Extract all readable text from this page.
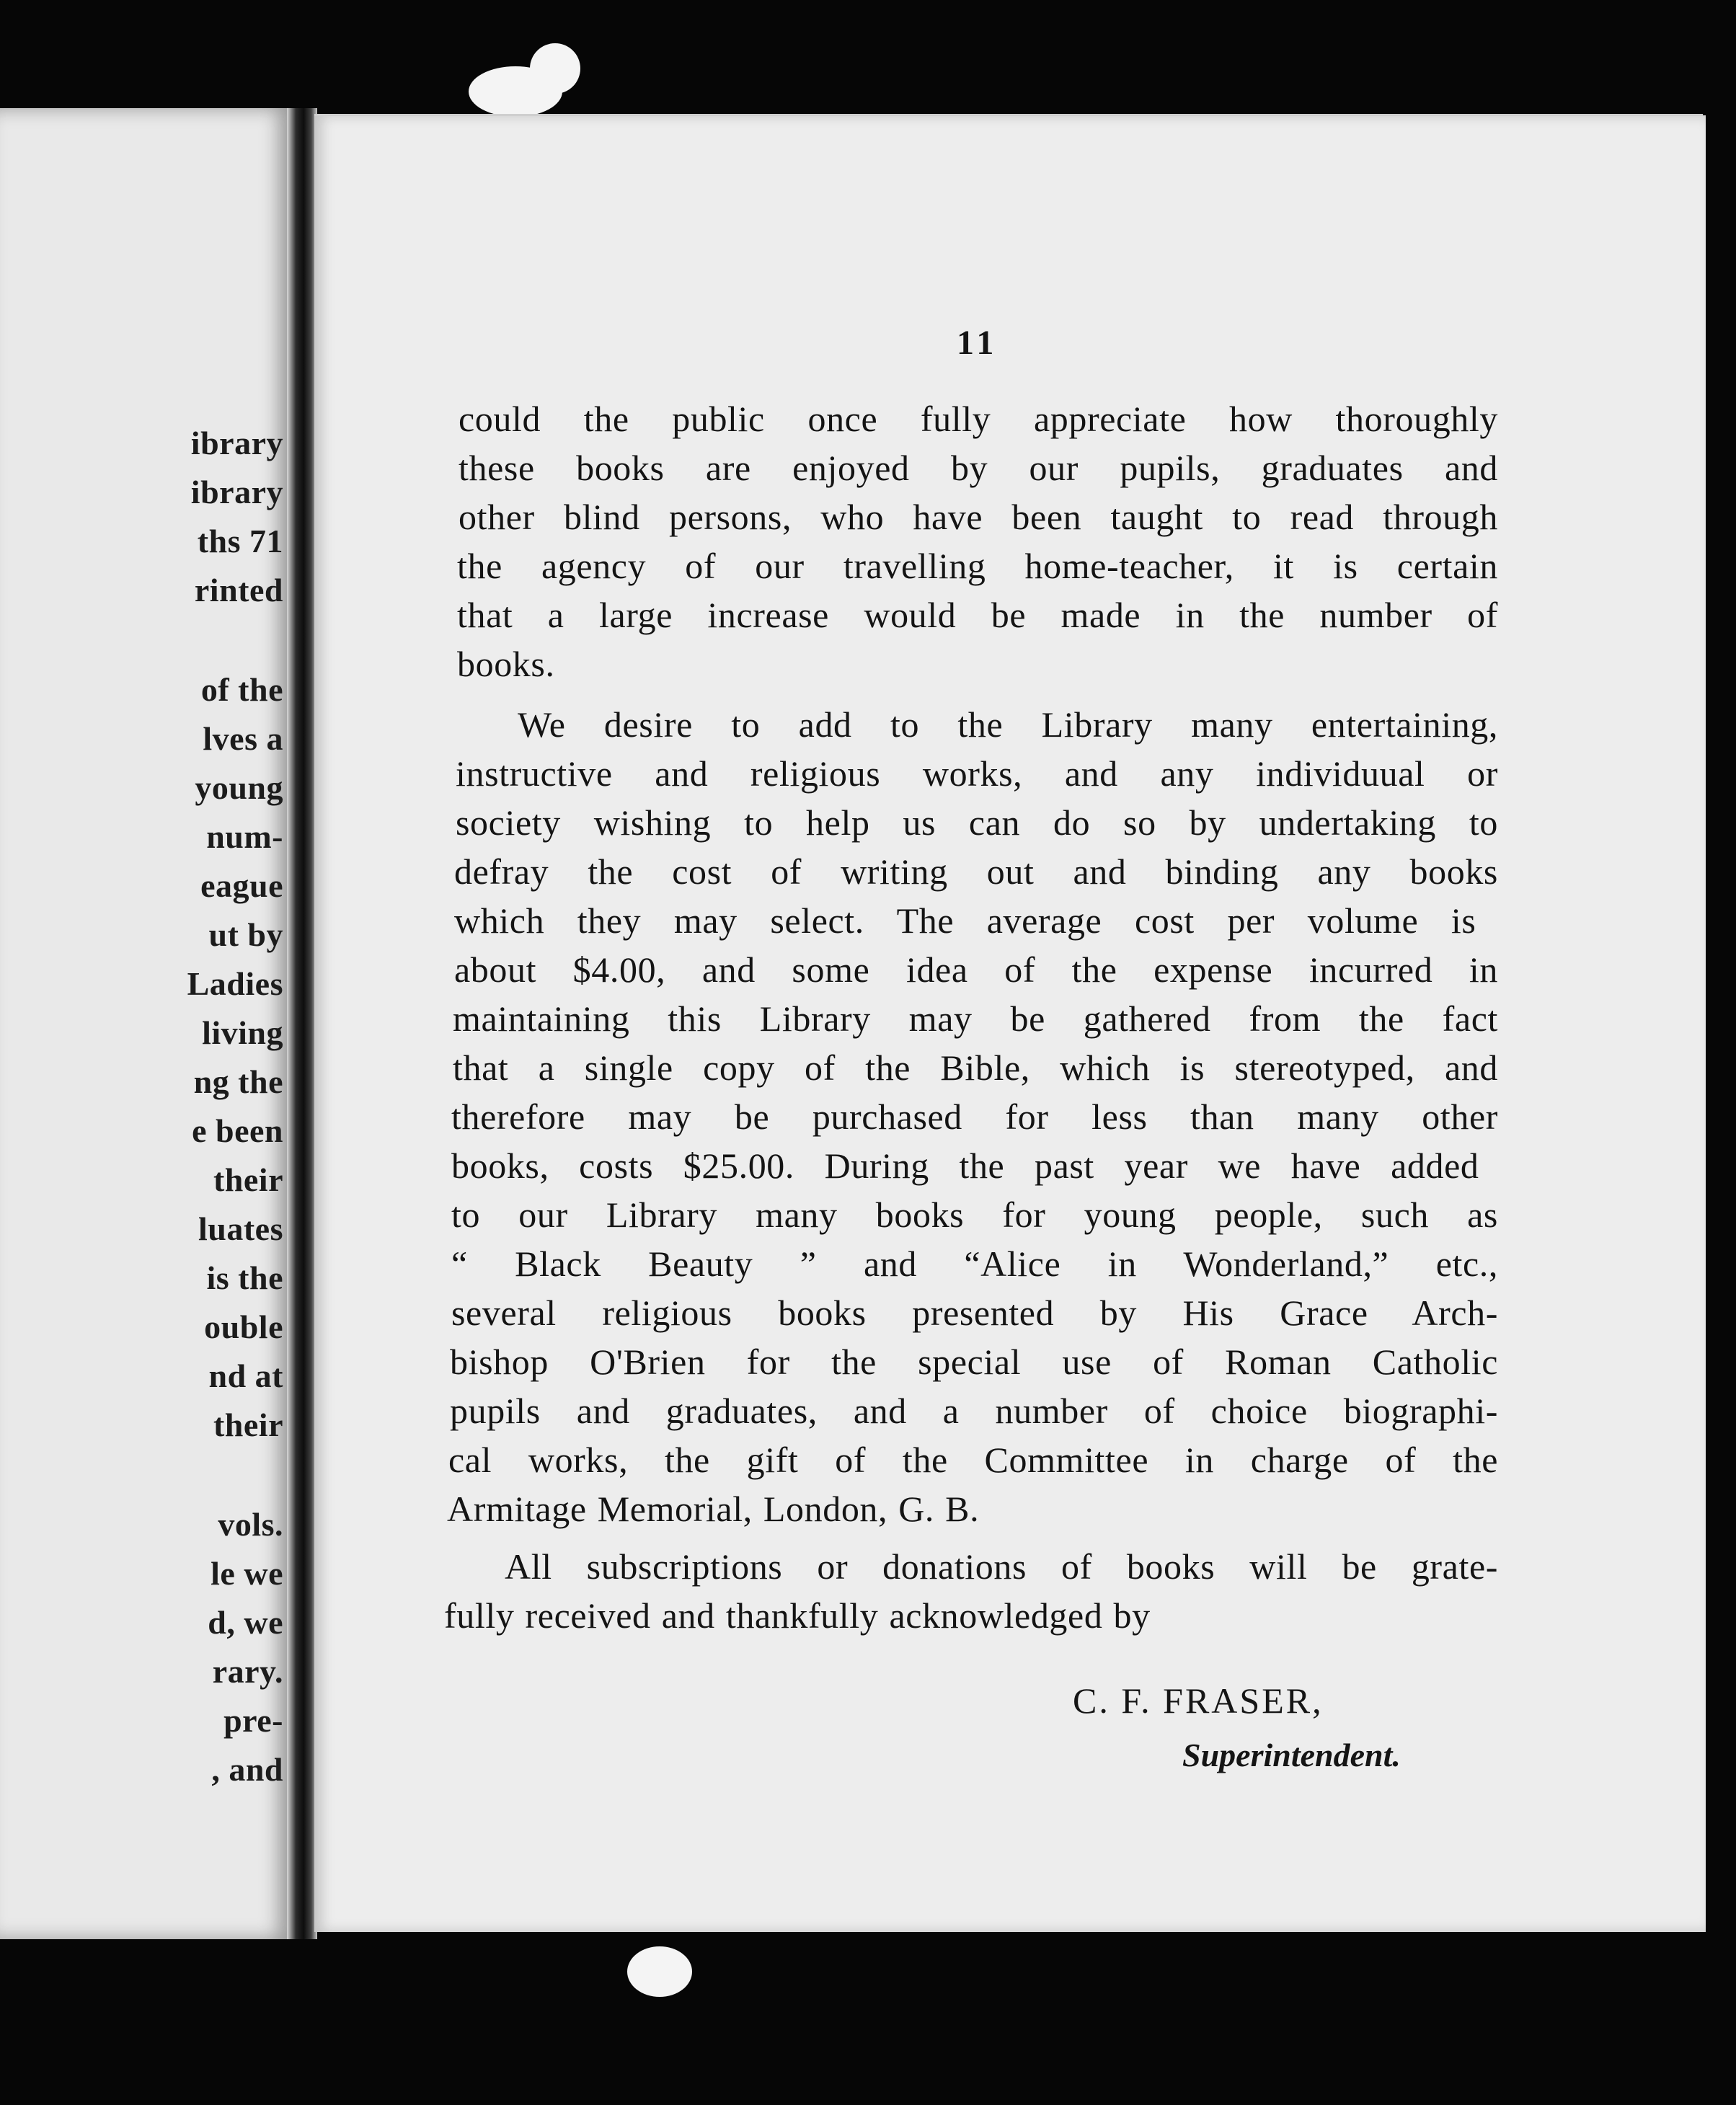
ibrary
ibrary
ths 71
rinted
of the
lves a
young
num-
eague
ut by
Ladies
living
ng the
e been
their
luates
is the
ouble
nd at
their
vols.
le we
d, we
rary.
pre-
, and
11
could the public once fully appreciate how thoroughly
these books are enjoyed by our pupils, graduates and
other blind persons, who have been taught to read through
the agency of our travelling home-teacher, it is certain
that a large increase would be made in the number of
books.
We desire to add to the Library many entertaining,
instructive and religious works, and any individuual or
society wishing to help us can do so by undertaking to
defray the cost of writing out and binding any books
which they may select. The average cost per volume is
about $4.00, and some idea of the expense incurred in
maintaining this Library may be gathered from the fact
that a single copy of the Bible, which is stereotyped, and
therefore may be purchased for less than many other
books, costs $25.00. During the past year we have added
to our Library many books for young people, such as
“ Black Beauty ” and “Alice in Wonderland,” etc.,
several religious books presented by His Grace Arch-
bishop O'Brien for the special use of Roman Catholic
pupils and graduates, and a number of choice biographi-
cal works, the gift of the Committee in charge of the
Armitage Memorial, London, G. B.
All subscriptions or donations of books will be grate-
fully received and thankfully acknowledged by
C. F. FRASER,
Superintendent.
